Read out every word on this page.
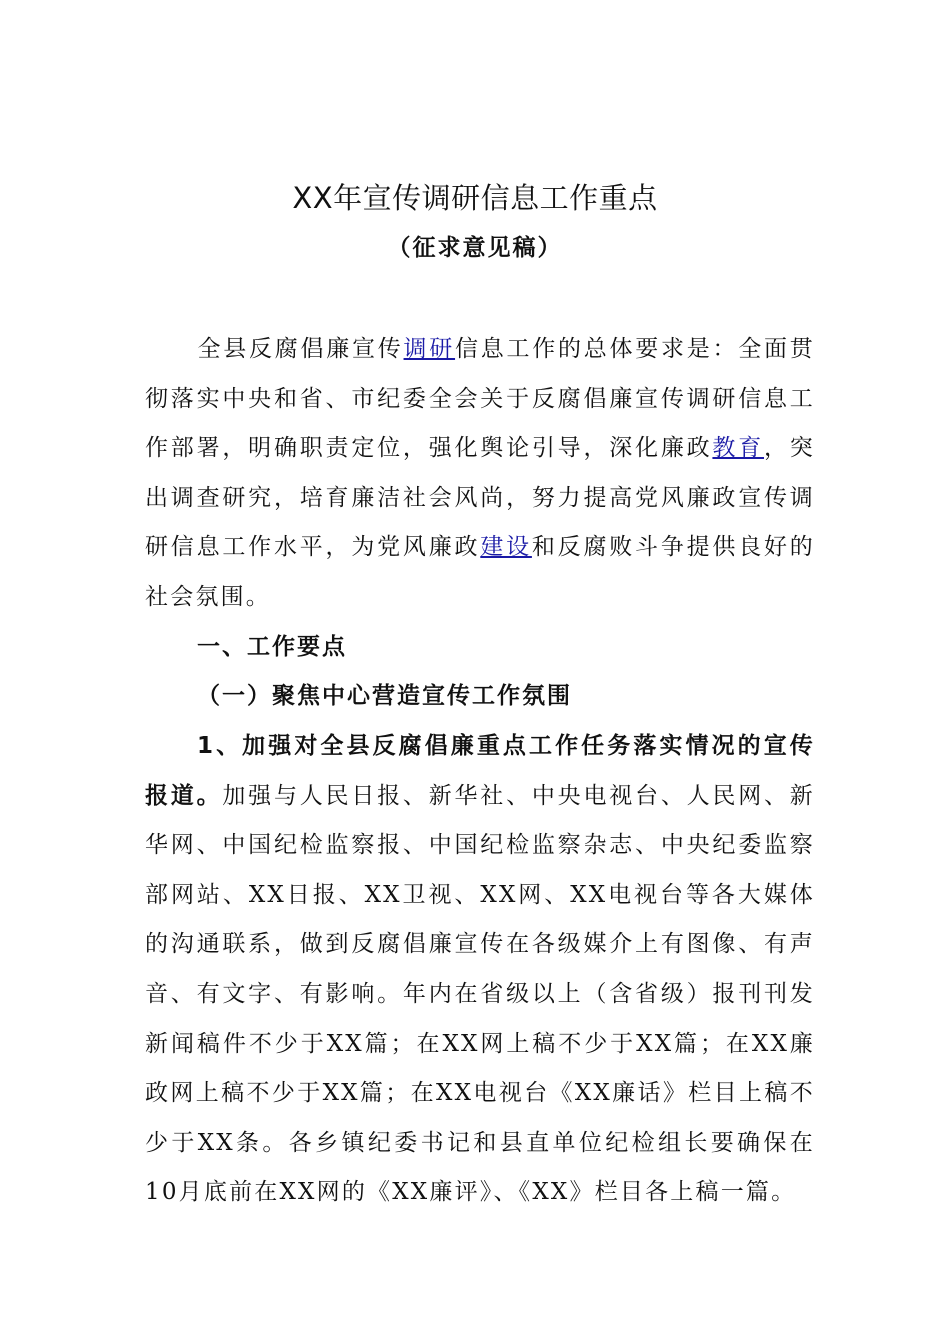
XX年宣传调研信息工作重点
（征求意见稿）
全县反腐倡廉宣传调研信息工作的总体要求是：全面贯彻落实中央和省、市纪委全会关于反腐倡廉宣传调研信息工作部署，明确职责定位，强化舆论引导，深化廉政教育，突出调查研究，培育廉洁社会风尚，努力提高党风廉政宣传调研信息工作水平，为党风廉政建设和反腐败斗争提供良好的社会氛围。
一、工作要点
（一）聚焦中心营造宣传工作氛围
1、加强对全县反腐倡廉重点工作任务落实情况的宣传报道。加强与人民日报、新华社、中央电视台、人民网、新华网、中国纪检监察报、中国纪检监察杂志、中央纪委监察部网站、XX日报、XX卫视、XX网、XX电视台等各大媒体的沟通联系，做到反腐倡廉宣传在各级媒介上有图像、有声音、有文字、有影响。年内在省级以上（含省级）报刊刊发新闻稿件不少于XX篇；在XX网上稿不少于XX篇；在XX廉政网上稿不少于XX篇；在XX电视台《XX廉话》栏目上稿不少于XX条。各乡镇纪委书记和县直单位纪检组长要确保在10月底前在XX网的《XX廉评》、《XX》栏目各上稿一篇。
